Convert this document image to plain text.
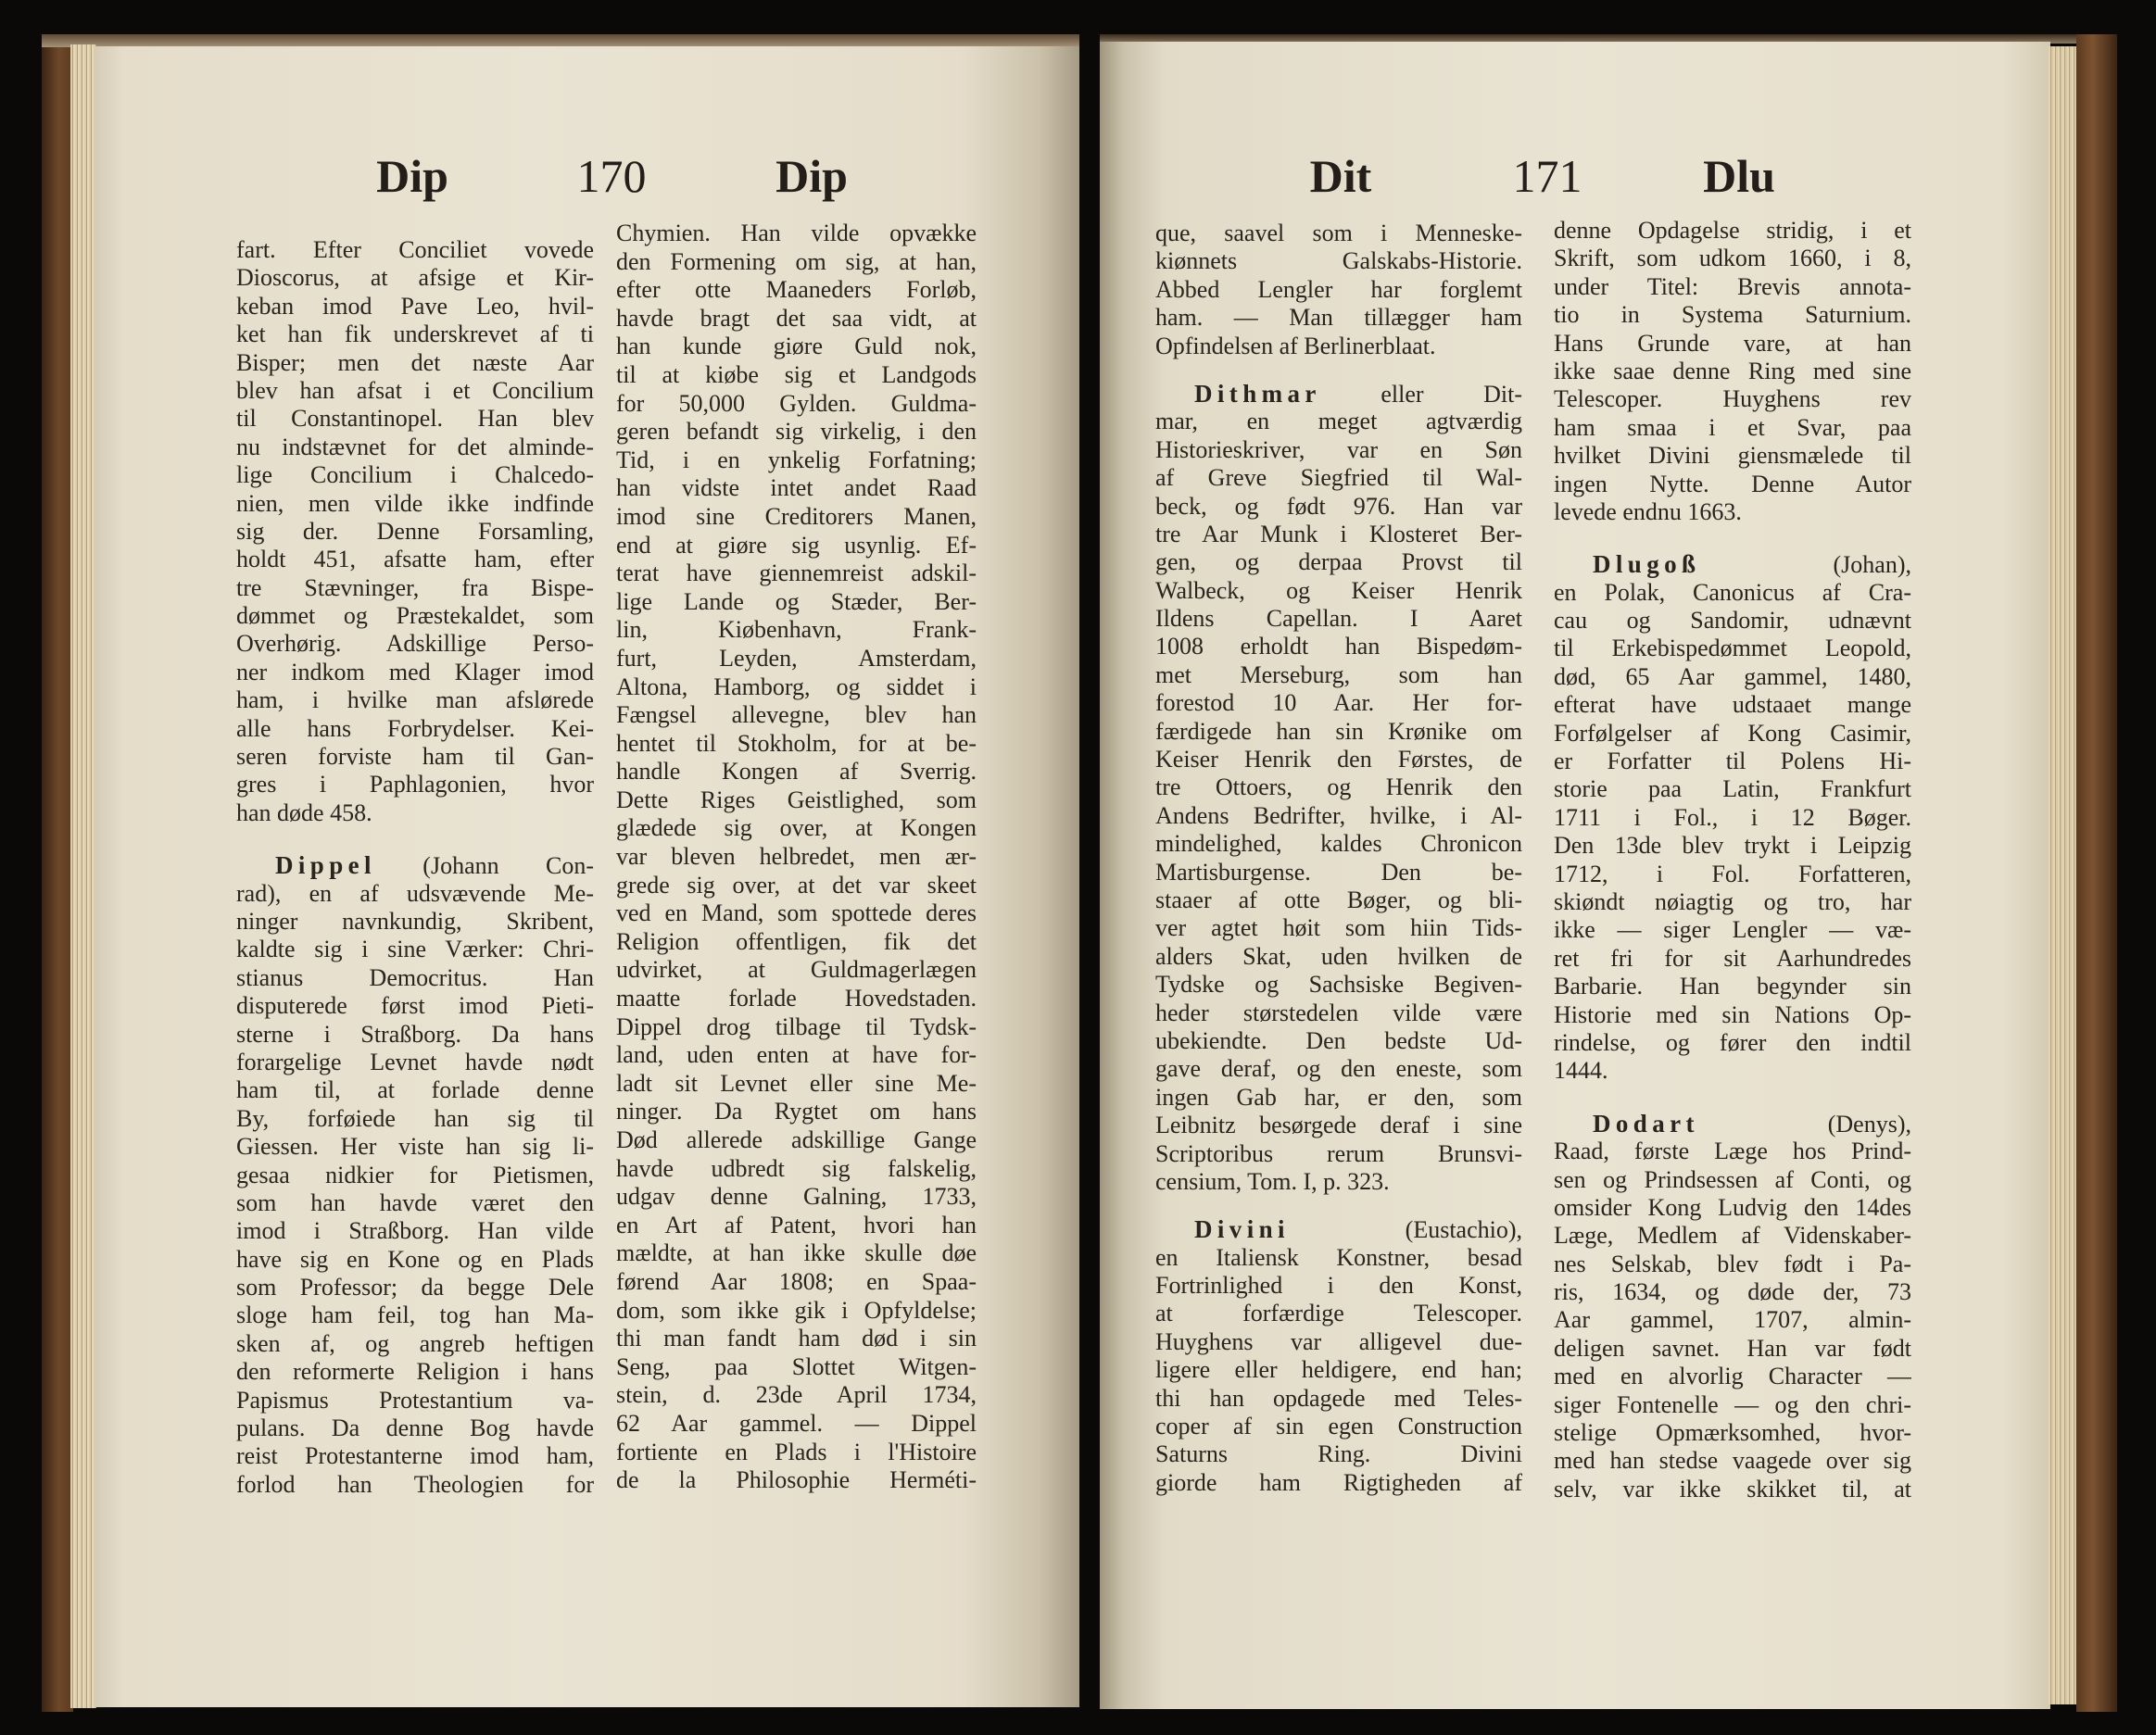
Dip	170	Dip	Dit	171	Dlu
fart. Efter Conciliet vovede
Dioscorus, at afsige et Kir-
keban imod Pave Leo, hvil-
ket han fik underskrevet af ti
Bisper; men det næste Aar
blev han afsat i et Concilium
til Constantinopel. Han blev
nu indstævnet for det alminde-
lige Concilium i Chalcedo-
nien, men vilde ikke indfinde
sig der. Denne Forsamling,
holdt 451, afsatte ham, efter
tre Stævninger, fra Bispe-
dømmet og Præstekaldet, som
Overhørig. Adskillige Perso-
ner indkom med Klager imod
ham, i hvilke man afslørede
alle hans Forbrydelser. Kei-
seren forviste ham til Gan-
gres i Paphlagonien, hvor
han døde 458.
Dippel (Johann Con-
rad), en af udsvævende Me-
ninger navnkundig, Skribent,
kaldte sig i sine Værker: Chri-
stianus Democritus. Han
disputerede først imod Pieti-
sterne i Straßborg. Da hans
forargelige Levnet havde nødt
ham til, at forlade denne
By, forføiede han sig til
Giessen. Her viste han sig li-
gesaa nidkier for Pietismen,
som han havde været den
imod i Straßborg. Han vilde
have sig en Kone og en Plads
som Professor; da begge Dele
sloge ham feil, tog han Ma-
sken af, og angreb heftigen
den reformerte Religion i hans
Papismus Protestantium va-
pulans. Da denne Bog havde
reist Protestanterne imod ham,
forlod han Theologien for
Chymien. Han vilde opvække
den Formening om sig, at han,
efter otte Maaneders Forløb,
havde bragt det saa vidt, at
han kunde giøre Guld nok,
til at kiøbe sig et Landgods
for 50,000 Gylden. Guldma-
geren befandt sig virkelig, i den
Tid, i en ynkelig Forfatning;
han vidste intet andet Raad
imod sine Creditorers Manen,
end at giøre sig usynlig. Ef-
terat have giennemreist adskil-
lige Lande og Stæder, Ber-
lin, Kiøbenhavn, Frank-
furt, Leyden, Amsterdam,
Altona, Hamborg, og siddet i
Fængsel allevegne, blev han
hentet til Stokholm, for at be-
handle Kongen af Sverrig.
Dette Riges Geistlighed, som
glædede sig over, at Kongen
var bleven helbredet, men ær-
grede sig over, at det var skeet
ved en Mand, som spottede deres
Religion offentligen, fik det
udvirket, at Guldmagerlægen
maatte forlade Hovedstaden.
Dippel drog tilbage til Tydsk-
land, uden enten at have for-
ladt sit Levnet eller sine Me-
ninger. Da Rygtet om hans
Død allerede adskillige Gange
havde udbredt sig falskelig,
udgav denne Galning, 1733,
en Art af Patent, hvori han
mældte, at han ikke skulle døe
førend Aar 1808; en Spaa-
dom, som ikke gik i Opfyldelse;
thi man fandt ham død i sin
Seng, paa Slottet Witgen-
stein, d. 23de April 1734,
62 Aar gammel. — Dippel
fortiente en Plads i l'Histoire
de la Philosophie Herméti-
que, saavel som i Menneske-
kiønnets Galskabs-Historie.
Abbed Lengler har forglemt
ham. — Man tillægger ham
Opfindelsen af Berlinerblaat.
Dithmar eller Dit-
mar, en meget agtværdig
Historieskriver, var en Søn
af Greve Siegfried til Wal-
beck, og født 976. Han var
tre Aar Munk i Klosteret Ber-
gen, og derpaa Provst til
Walbeck, og Keiser Henrik
Ildens Capellan. I Aaret
1008 erholdt han Bispedøm-
met Merseburg, som han
forestod 10 Aar. Her for-
færdigede han sin Krønike om
Keiser Henrik den Førstes, de
tre Ottoers, og Henrik den
Andens Bedrifter, hvilke, i Al-
mindelighed, kaldes Chronicon
Martisburgense. Den be-
staaer af otte Bøger, og bli-
ver agtet høit som hiin Tids-
alders Skat, uden hvilken de
Tydske og Sachsiske Begiven-
heder størstedelen vilde være
ubekiendte. Den bedste Ud-
gave deraf, og den eneste, som
ingen Gab har, er den, som
Leibnitz besørgede deraf i sine
Scriptoribus rerum Brunsvi-
censium, Tom. I, p. 323.
Divini	(Eustachio),
en Italiensk Konstner, besad
Fortrinlighed i den Konst,
at forfærdige Telescoper.
Huyghens var alligevel due-
ligere eller heldigere, end han;
thi han opdagede med Teles-
coper af sin egen Construction
Saturns Ring. Divini
giorde ham Rigtigheden af
denne Opdagelse stridig, i et
Skrift, som udkom 1660, i 8,
under Titel: Brevis annota-
tio in Systema Saturnium.
Hans Grunde vare, at han
ikke saae denne Ring med sine
Telescoper. Huyghens rev
ham smaa i et Svar, paa
hvilket Divini giensmælede til
ingen Nytte. Denne Autor
levede endnu 1663.
Dlugoß	(Johan),
en Polak, Canonicus af Cra-
cau og Sandomir, udnævnt
til Erkebispedømmet Leopold,
død, 65 Aar gammel, 1480,
efterat have udstaaet mange
Forfølgelser af Kong Casimir,
er Forfatter til Polens Hi-
storie paa Latin, Frankfurt
1711 i Fol., i 12 Bøger.
Den 13de blev trykt i Leipzig
1712, i Fol. Forfatteren,
skiøndt nøiagtig og tro, har
ikke — siger Lengler — væ-
ret fri for sit Aarhundredes
Barbarie. Han begynder sin
Historie med sin Nations Op-
rindelse, og fører den indtil
1444.
Dodart	(Denys),
Raad, første Læge hos Prind-
sen og Prindsessen af Conti, og
omsider Kong Ludvig den 14des
Læge, Medlem af Videnskaber-
nes Selskab, blev født i Pa-
ris, 1634, og døde der, 73
Aar gammel, 1707, almin-
deligen savnet. Han var født
med en alvorlig Character —
siger Fontenelle — og den chri-
stelige Opmærksomhed, hvor-
med han stedse vaagede over sig
selv, var ikke skikket til, at
